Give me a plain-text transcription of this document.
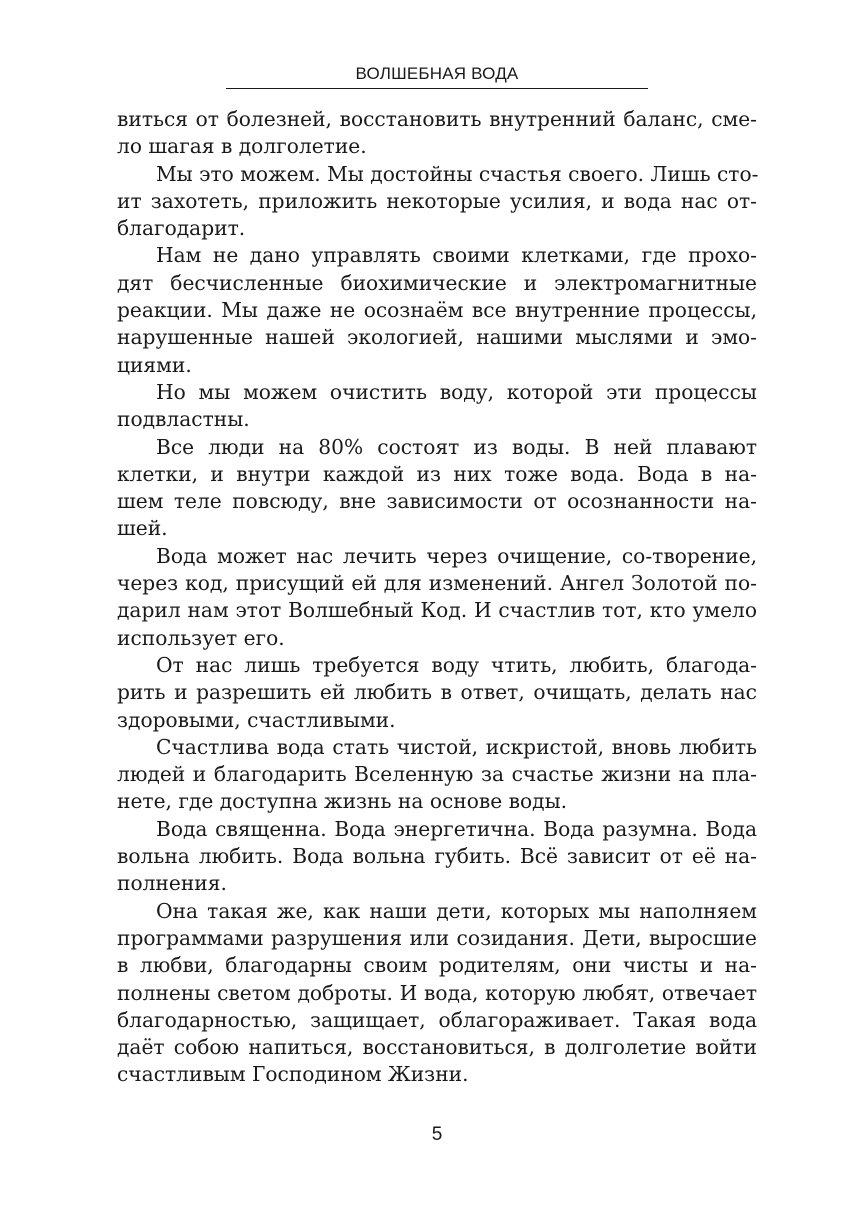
ВОЛШЕБНАЯ ВОДА
виться от болезней, восстановить внутренний баланс, сме-
ло шагая в долголетие.
Мы это можем. Мы достойны счастья своего. Лишь сто-
ит захотеть, приложить некоторые усилия, и вода нас от-
благодарит.
Нам не дано управлять своими клетками, где прохо-
дят бесчисленные биохимические и электромагнитные
реакции. Мы даже не осознаём все внутренние процессы,
нарушенные нашей экологией, нашими мыслями и эмо-
циями.
Но мы можем очистить воду, которой эти процессы
подвластны.
Все люди на 80% состоят из воды. В ней плавают
клетки, и внутри каждой из них тоже вода. Вода в на-
шем теле повсюду, вне зависимости от осознанности на-
шей.
Вода может нас лечить через очищение, со-творение,
через код, присущий ей для изменений. Ангел Золотой по-
дарил нам этот Волшебный Код. И счастлив тот, кто умело
использует его.
От нас лишь требуется воду чтить, любить, благода-
рить и разрешить ей любить в ответ, очищать, делать нас
здоровыми, счастливыми.
Счастлива вода стать чистой, искристой, вновь любить
людей и благодарить Вселенную за счастье жизни на пла-
нете, где доступна жизнь на основе воды.
Вода священна. Вода энергетична. Вода разумна. Вода
вольна любить. Вода вольна губить. Всё зависит от её на-
полнения.
Она такая же, как наши дети, которых мы наполняем
программами разрушения или созидания. Дети, выросшие
в любви, благодарны своим родителям, они чисты и на-
полнены светом доброты. И вода, которую любят, отвечает
благодарностью, защищает, облагораживает. Такая вода
даёт собою напиться, восстановиться, в долголетие войти
счастливым Господином Жизни.
5
